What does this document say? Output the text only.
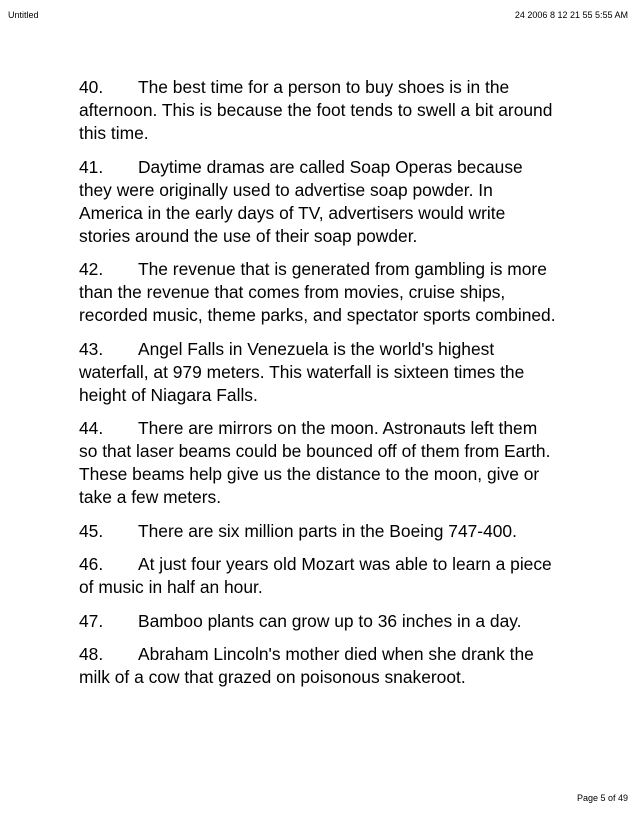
Untitled	24 2006 8 12 21 55 5:55 AM

40. The best time for a person to buy shoes is in the afternoon. This is because the foot tends to swell a bit around this time.

41. Daytime dramas are called Soap Operas because they were originally used to advertise soap powder. In America in the early days of TV, advertisers would write stories around the use of their soap powder.

42. The revenue that is generated from gambling is more than the revenue that comes from movies, cruise ships, recorded music, theme parks, and spectator sports combined.

43. Angel Falls in Venezuela is the world's highest waterfall, at 979 meters. This waterfall is sixteen times the height of Niagara Falls.

44. There are mirrors on the moon. Astronauts left them so that laser beams could be bounced off of them from Earth. These beams help give us the distance to the moon, give or take a few meters.

45. There are six million parts in the Boeing 747-400.

46. At just four years old Mozart was able to learn a piece of music in half an hour.

47. Bamboo plants can grow up to 36 inches in a day.

48. Abraham Lincoln's mother died when she drank the milk of a cow that grazed on poisonous snakeroot.

Page 5 of 49
